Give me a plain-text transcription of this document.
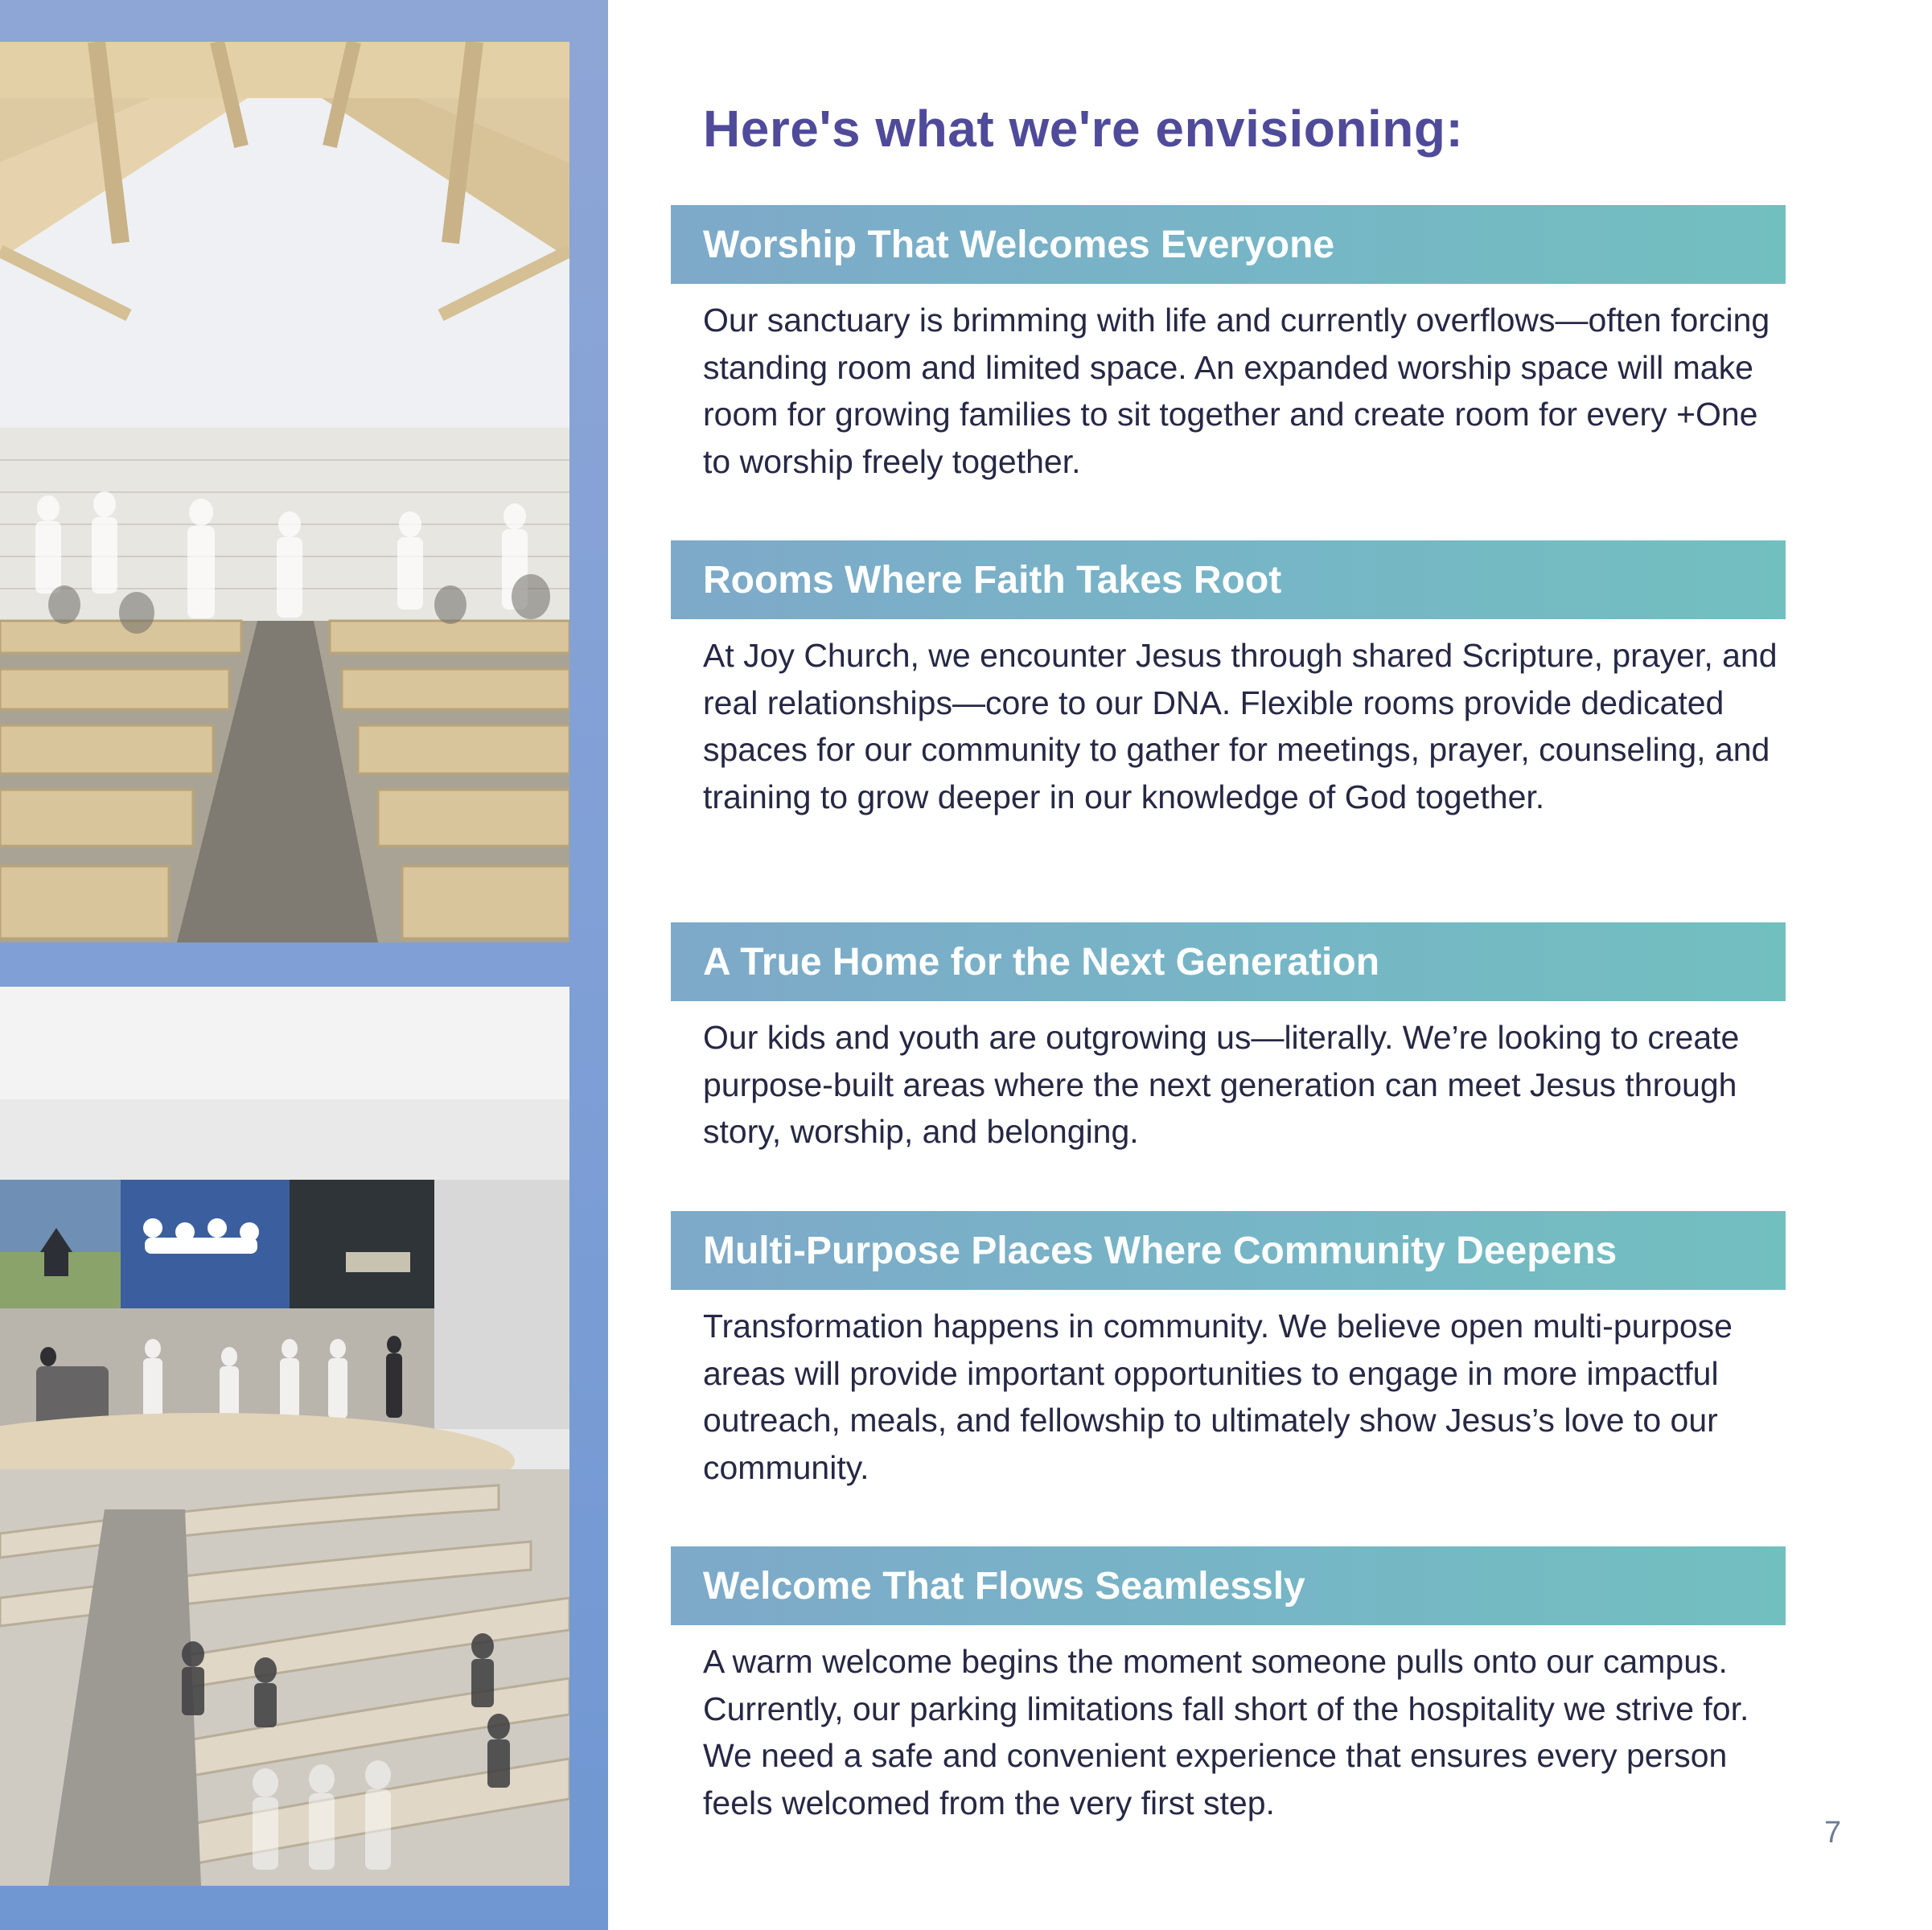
Here's what we're envisioning:
Worship That Welcomes Everyone

Our sanctuary is brimming with life and currently overflows—often forcing standing room and limited space. An expanded worship space will make room for growing families to sit together and create room for every +One to worship freely together.

Rooms Where Faith Takes Root

At Joy Church, we encounter Jesus through shared Scripture, prayer, and real relationships—core to our DNA. Flexible rooms provide dedicated spaces for our community to gather for meetings, prayer, counseling, and training to grow deeper in our knowledge of God together.

A True Home for the Next Generation

Our kids and youth are outgrowing us—literally. We’re looking to create purpose-built areas where the next generation can meet Jesus through story, worship, and belonging.

Multi-Purpose Places Where Community Deepens

Transformation happens in community. We believe open multi-purpose areas will provide important opportunities to engage in more impactful outreach, meals, and fellowship to ultimately show Jesus’s love to our community.

Welcome That Flows Seamlessly

A warm welcome begins the moment someone pulls onto our campus. Currently, our parking limitations fall short of the hospitality we strive for. We need a safe and convenient experience that ensures every person feels welcomed from the very first step.

7
